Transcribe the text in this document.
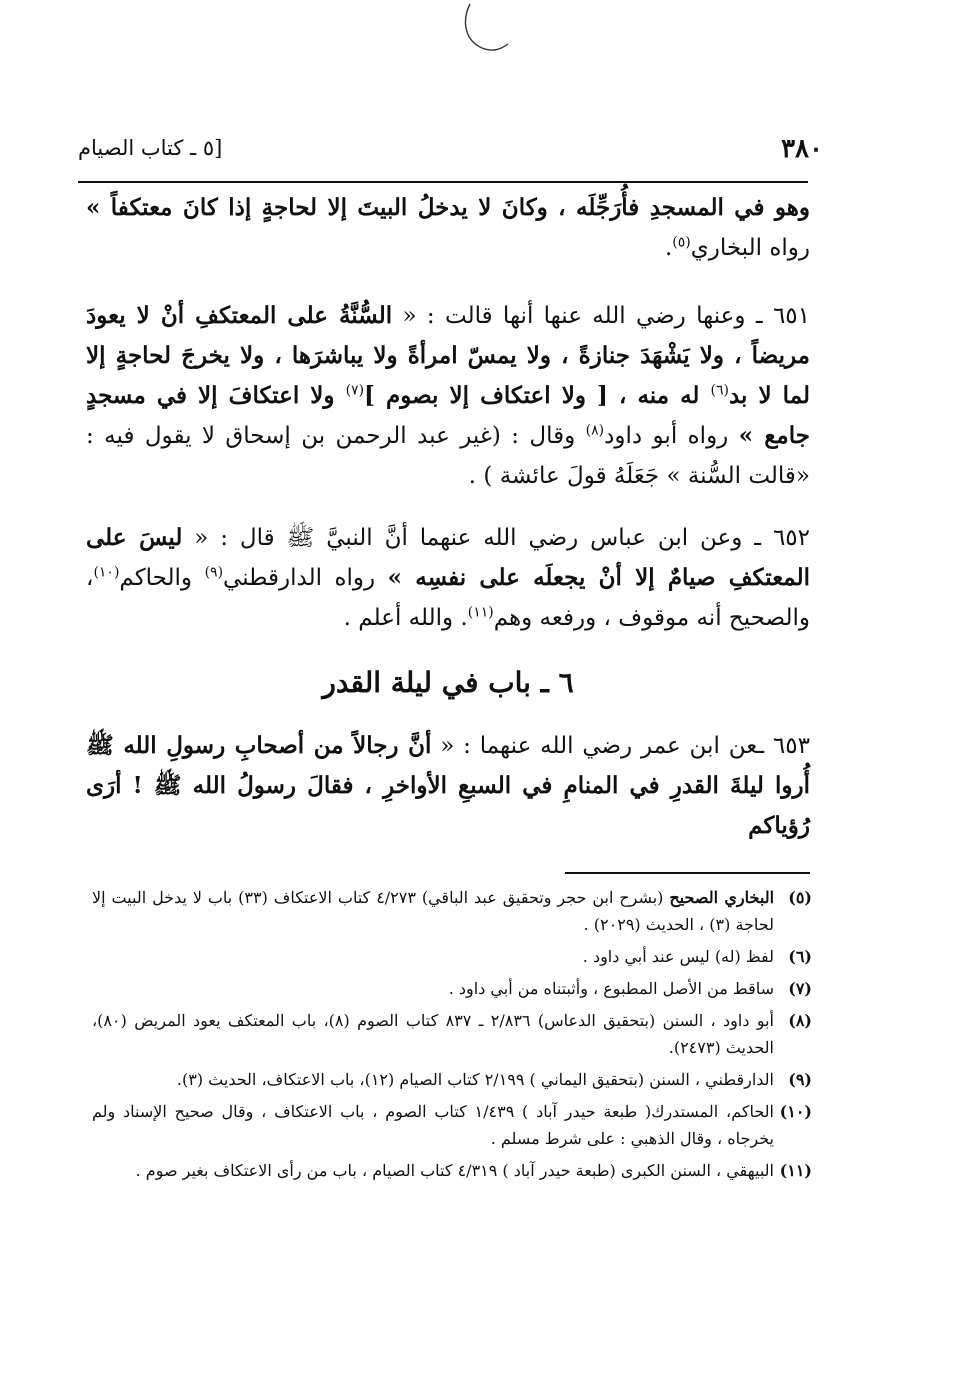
٣٨٠
[٥ ـ كتاب الصيام

وهو في المسجدِ فأُرَجِّلَه ، وكانَ لا يدخلُ البيتَ إلا لحاجةٍ إذا كانَ معتكفاً » رواه البخاري$^{(٥)}$.

٦٥١ ـ وعنها رضي الله عنها أنها قالت : « السُّنَّةُ على المعتكفِ أنْ لا يعودَ مريضاً ، ولا يَشْهَدَ جنازةً ، ولا يمسّ امرأةً ولا يباشرَها ، ولا يخرجَ لحاجةٍ إلا لما لا بد$^{(٦)}$ له منه ، [ ولا اعتكاف إلا بصوم ]$^{(٧)}$ ولا اعتكافَ إلا في مسجدٍ جامع » رواه أبو داود$^{(٨)}$ وقال : (غير عبد الرحمن بن إسحاق لا يقول فيه : «قالت السُّنة » جَعَلَهُ قولَ عائشة ) .

٦٥٢ ـ وعن ابن عباس رضي الله عنهما أنَّ النبيَّ ﷺ قال : « ليسَ على المعتكفِ صيامٌ إلا أنْ يجعلَه على نفسِه » رواه الدارقطني$^{(٩)}$ والحاكم$^{(١٠)}$، والصحيح أنه موقوف ، ورفعه وهم$^{(١١)}$. والله أعلم .

٦ ـ باب في ليلة القدر

٦٥٣ ـعن ابن عمر رضي الله عنهما : « أنَّ رجالاً من أصحابِ رسولِ الله ﷺ أُروا ليلةَ القدرِ في المنامِ في السبعِ الأواخرِ ، فقالَ رسولُ الله ﷺ ! أرَى رُؤياكم

(٥)
البخاري الصحيح (بشرح ابن حجر وتحقيق عبد الباقي) ٤/٢٧٣ كتاب الاعتكاف (٣٣) باب لا يدخل البيت إلا لحاجة (٣) ، الحديث (٢٠٢٩) .
(٦)
لفظ (له) ليس عند أبي داود .
(٧)
ساقط من الأصل المطبوع ، وأثبتناه من أبي داود .
(٨)
أبو داود ، السنن (بتحقيق الدعاس) ٢/٨٣٦ ـ ٨٣٧ كتاب الصوم (٨)، باب المعتكف يعود المريض (٨٠)، الحديث (٢٤٧٣).
(٩)
الدارقطني ، السنن (بتحقيق اليماني ) ٢/١٩٩ كتاب الصيام (١٢)، باب الاعتكاف، الحديث (٣).
(١٠)
الحاكم، المستدرك( طبعة حيدر آباد ) ١/٤٣٩ كتاب الصوم ، باب الاعتكاف ، وقال صحيح الإسناد ولم يخرجاه ، وقال الذهبي : على شرط مسلم .
(١١)
البيهقي ، السنن الكبرى (طبعة حيدر آباد ) ٤/٣١٩ كتاب الصيام ، باب من رأى الاعتكاف بغير صوم .
